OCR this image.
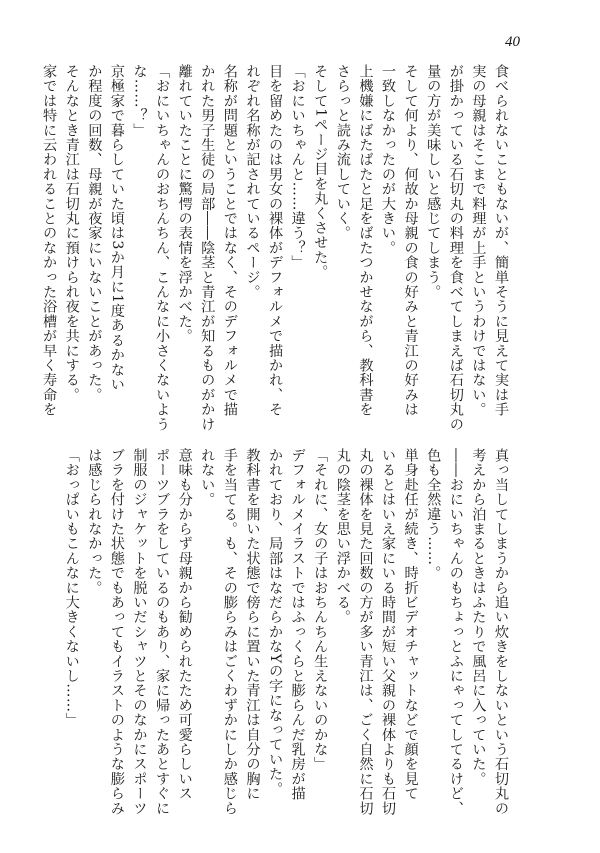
40
食べられないこともないが、簡単そうに見えて実は手
実の母親はそこまで料理が上手というわけではない。
が掛かっている石切丸の料理を食べてしまえば石切丸の
量の方が美味しいと感じてしまう。
そして何より、何故か母親の食の好みと青江の好みは
一致しなかったのが大きい。
上機嫌にばたばたと足をばたつかせながら、教科書を
さらっと読み流していく。
そして1ページ目を丸くさせた。
「おにいちゃんと……違う？」
目を留めたのは男女の裸体がデフォルメで描かれ、そ
れぞれ名称が記されているページ。
名称が問題ということではなく、そのデフォルメで描
かれた男子生徒の局部――陰茎と青江が知るものがかけ
離れていたことに驚愕の表情を浮かべた。
「おにいちゃんのおちんちん、こんなに小さくないよう
な……？」
京極家で暮らしていた頃は3か月に1度あるかない
か程度の回数、母親が夜家にいないことがあった。
そんなとき青江は石切丸に預けられ夜を共にする。
家では特に云われることのなかった浴槽が早く寿命を
真っ当してしまうから追い炊きをしないという石切丸の
考えから泊まるときはふたりで風呂に入っていた。
――おにいちゃんのもちょっとふにゃってしてるけど、
色も全然違う……。
単身赴任が続き、時折ビデオチャットなどで顔を見て
いるとはいえ家にいる時間が短い父親の裸体よりも石切
丸の裸体を見た回数の方が多い青江は、ごく自然に石切
丸の陰茎を思い浮かべる。
「それに、女の子はおちんちん生えないのかな」
デフォルメイラストではふっくらと膨らんだ乳房が描
かれており、局部はなだらかなYの字になっていた。
教科書を開いた状態で傍らに置いた青江は自分の胸に
手を当てる。も、その膨らみはごくわずかにしか感じら
れない。
意味も分からず母親から勧められたため可愛らしいス
ポーツブラをしているのもあり、家に帰ったあとすぐに
制服のジャケットを脱いだシャツとそのなかにスポーツ
ブラを付けた状態でもあってもイラストのような膨らみ
は感じられなかった。
「おっぱいもこんなに大きくないし……」
